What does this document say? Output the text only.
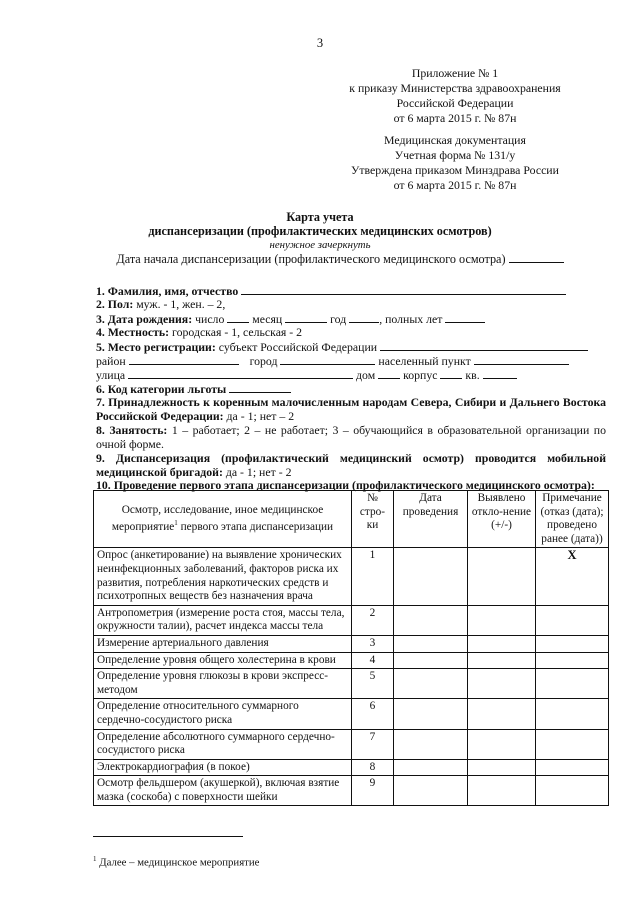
3
Приложение № 1
к приказу Министерства здравоохранения
Российской Федерации
от 6 марта 2015 г. № 87н
Медицинская документация
Учетная форма № 131/у
Утверждена приказом Минздрава России
от 6 марта 2015 г. № 87н
Карта учета
диспансеризации (профилактических медицинских осмотров)
ненужное зачеркнуть
Дата начала диспансеризации (профилактического медицинского осмотра)
1. Фамилия, имя, отчество
2. Пол: муж. - 1, жен. – 2,
3. Дата рождения: число месяц	год	, полных лет
4. Местность: городская - 1, сельская - 2
5. Место регистрации: субъект Российской Федерации
район	город	населенный пункт
улица	дом корпус кв.
6. Код категории льготы
7. Принадлежность к коренным малочисленным народам Севера, Сибири и Дальнего Востока Российской Федерации: да - 1; нет – 2
8. Занятость: 1 – работает; 2 – не работает; 3 – обучающийся в образовательной организации по очной форме.
9. Диспансеризация (профилактический медицинский осмотр) проводится мобильной медицинской бригадой: да - 1; нет - 2
10. Проведение первого этапа диспансеризации (профилактического медицинского осмотра):
Осмотр, исследование, иное медицинское мероприятие$^1$ первого этапа диспансеризации	№ стро-ки	Дата проведения	Выявлено откло-нение (+/-)	Примечание (отказ (дата); проведено ранее (дата))
Опрос (анкетирование) на выявление хронических неинфекционных заболеваний, факторов риска их развития, потребления наркотических средств и психотропных веществ без назначения врача	1			X
Антропометрия (измерение роста стоя, массы тела, окружности талии), расчет индекса массы тела	2			
Измерение артериального давления	3			
Определение уровня общего холестерина в крови	4			
Определение уровня глюкозы в крови экспресс-методом	5			
Определение относительного суммарного сердечно-сосудистого риска	6			
Определение абсолютного суммарного сердечно-сосудистого риска	7			
Электрокардиография (в покое)	8			
Осмотр фельдшером (акушеркой), включая взятие мазка (соскоба) с поверхности шейки	9			
$^1$ Далее – медицинское мероприятие
